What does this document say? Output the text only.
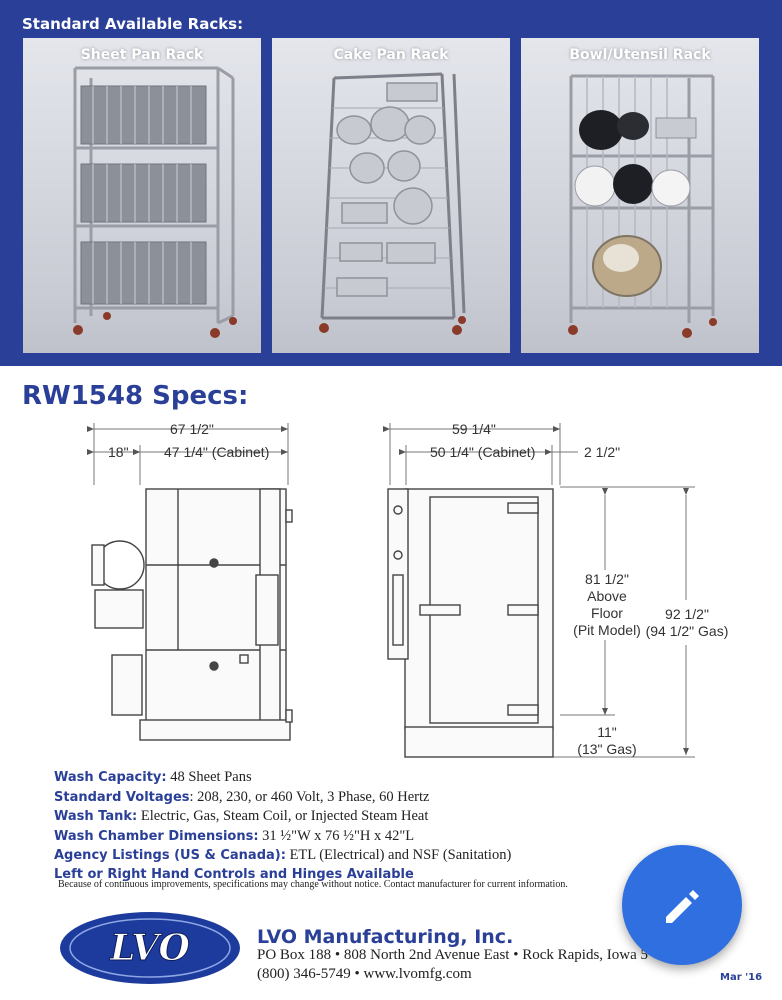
Standard Available Racks:
Sheet Pan Rack	Cake Pan Rack	Bowl/Utensil Rack
RW1548 Specs:
67 1/2"
18"	47 1/4" (Cabinet)
59 1/4"
50 1/4" (Cabinet)	2 1/2"
81 1/2"
Above
Floor
(Pit Model)
92 1/2"
(94 1/2" Gas)
11"
(13" Gas)
Wash Capacity: 48 Sheet Pans
Standard Voltages: 208, 230, or 460 Volt, 3 Phase, 60 Hertz
Wash Tank: Electric, Gas, Steam Coil, or Injected Steam Heat
Wash Chamber Dimensions: 31 ½"W x 76 ½"H x 42"L
Agency Listings (US & Canada): ETL (Electrical) and NSF (Sanitation)
Left or Right Hand Controls and Hinges Available
Because of continuous improvements, specifications may change without notice. Contact manufacturer for current information.
LVO	LVO Manufacturing, Inc.
PO Box 188 • 808 North 2nd Avenue East • Rock Rapids, Iowa 5
(800) 346-5749 • www.lvomfg.com	Mar '16
